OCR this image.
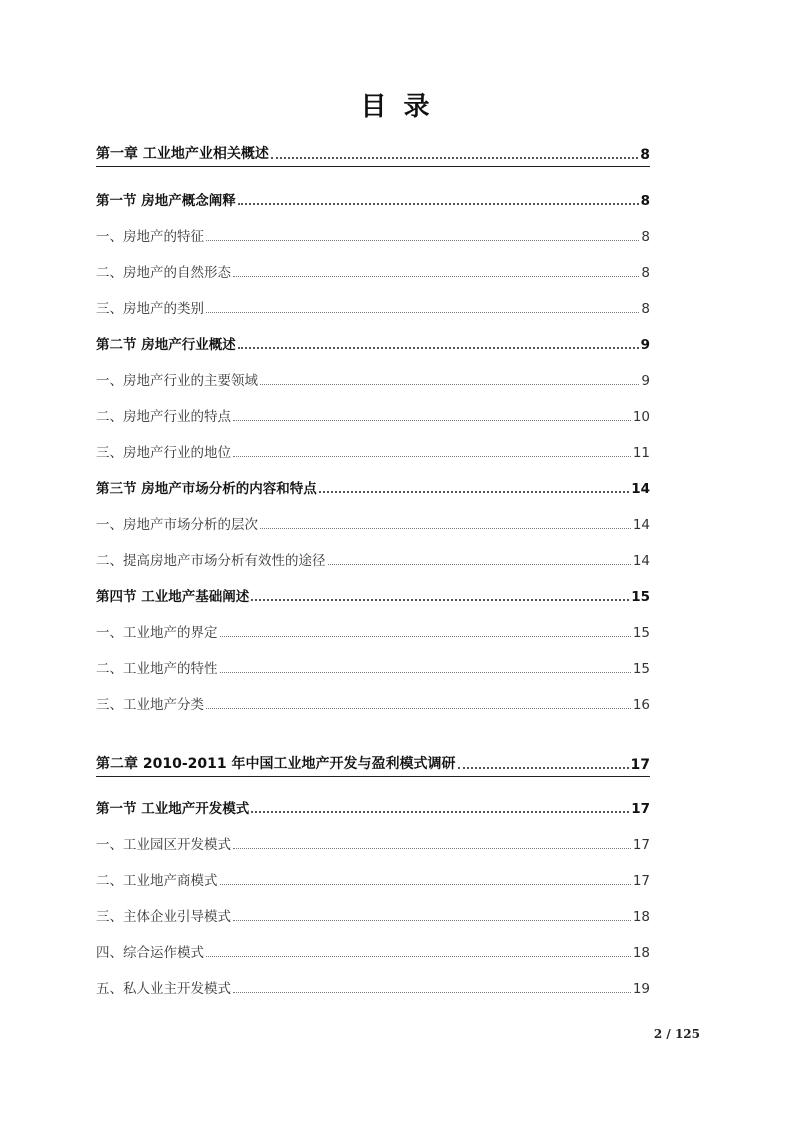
目 录
第一章 工业地产业相关概述	8
第一节 房地产概念阐释	8
一、房地产的特征	8
二、房地产的自然形态	8
三、房地产的类别	8
第二节 房地产行业概述	9
一、房地产行业的主要领域	9
二、房地产行业的特点	10
三、房地产行业的地位	11
第三节 房地产市场分析的内容和特点	14
一、房地产市场分析的层次	14
二、提高房地产市场分析有效性的途径	14
第四节 工业地产基础阐述	15
一、工业地产的界定	15
二、工业地产的特性	15
三、工业地产分类	16
第二章 2010-2011 年中国工业地产开发与盈利模式调研	17
第一节 工业地产开发模式	17
一、工业园区开发模式	17
二、工业地产商模式	17
三、主体企业引导模式	18
四、综合运作模式	18
五、私人业主开发模式	19
2 / 125
